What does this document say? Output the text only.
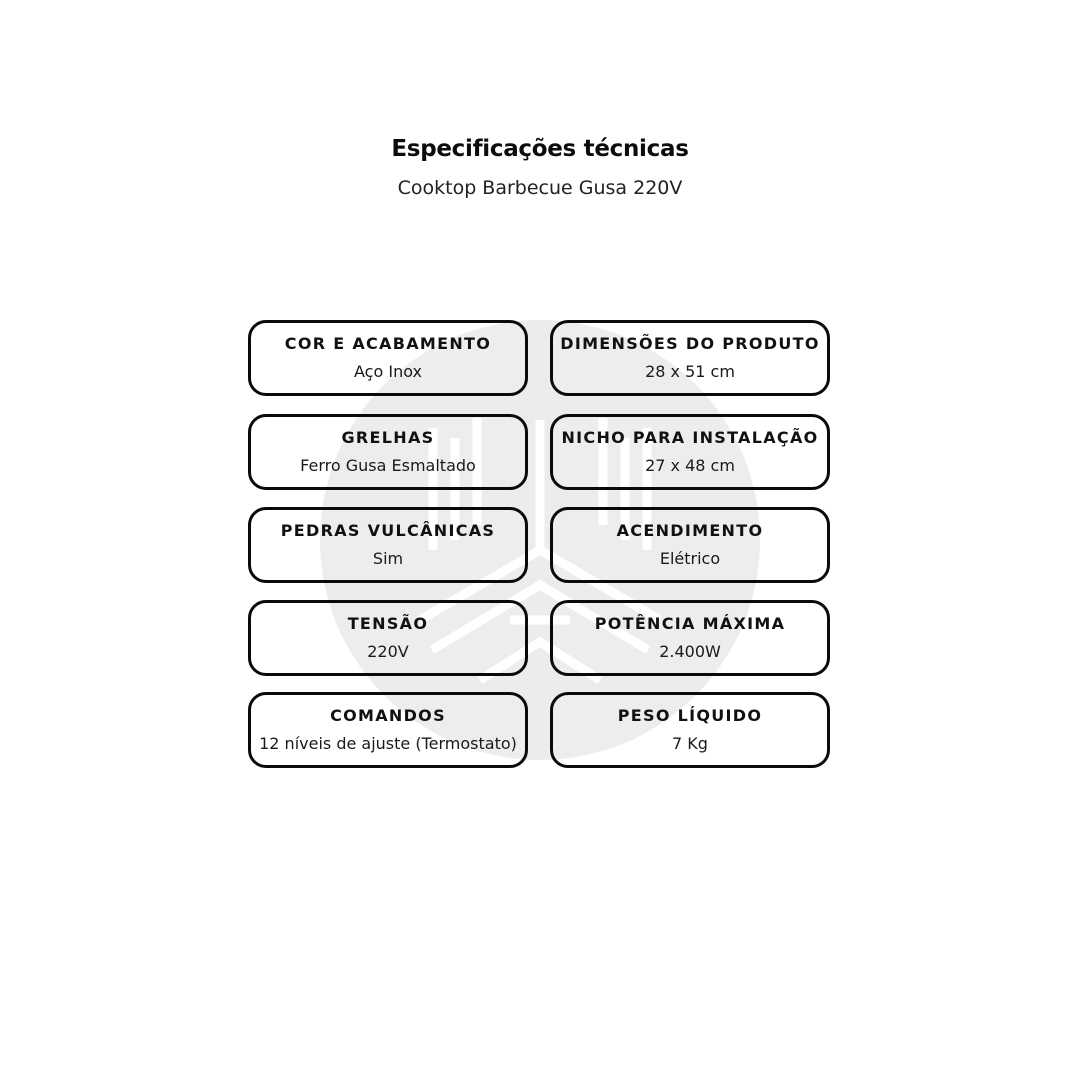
Especificações técnicas
Cooktop Barbecue Gusa 220V
COR E ACABAMENTO
Aço Inox
GRELHAS
Ferro Gusa Esmaltado
PEDRAS VULCÂNICAS
Sim
TENSÃO
220V
COMANDOS
12 níveis de ajuste (Termostato)
DIMENSÕES DO PRODUTO
28 x 51 cm
NICHO PARA INSTALAÇÃO
27 x 48 cm
ACENDIMENTO
Elétrico
POTÊNCIA MÁXIMA
2.400W
PESO LÍQUIDO
7 Kg
